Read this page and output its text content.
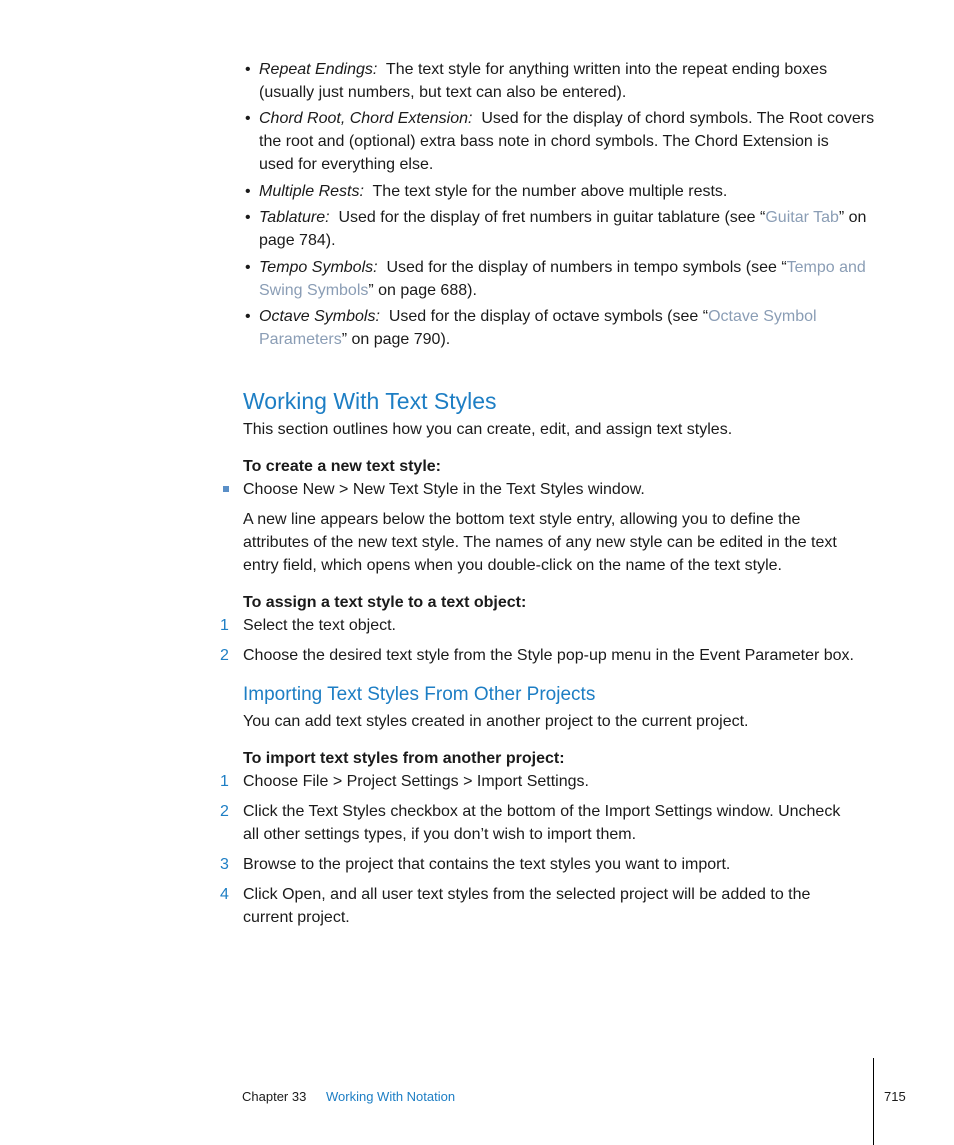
• Repeat Endings: The text style for anything written into the repeat ending boxes
(usually just numbers, but text can also be entered).
• Chord Root, Chord Extension: Used for the display of chord symbols. The Root covers
the root and (optional) extra bass note in chord symbols. The Chord Extension is
used for everything else.
• Multiple Rests: The text style for the number above multiple rests.
• Tablature: Used for the display of fret numbers in guitar tablature (see “Guitar Tab” on
page 784).
• Tempo Symbols: Used for the display of numbers in tempo symbols (see “Tempo and
Swing Symbols” on page 688).
• Octave Symbols: Used for the display of octave symbols (see “Octave Symbol
Parameters” on page 790).
Working With Text Styles
This section outlines how you can create, edit, and assign text styles.
To create a new text style:
Choose New > New Text Style in the Text Styles window.
A new line appears below the bottom text style entry, allowing you to define the
attributes of the new text style. The names of any new style can be edited in the text
entry field, which opens when you double-click on the name of the text style.
To assign a text style to a text object:
1 Select the text object.
2 Choose the desired text style from the Style pop-up menu in the Event Parameter box.
Importing Text Styles From Other Projects
You can add text styles created in another project to the current project.
To import text styles from another project:
1 Choose File > Project Settings > Import Settings.
2 Click the Text Styles checkbox at the bottom of the Import Settings window. Uncheck
all other settings types, if you don’t wish to import them.
3 Browse to the project that contains the text styles you want to import.
4 Click Open, and all user text styles from the selected project will be added to the
current project.
Chapter 33 Working With Notation	715
